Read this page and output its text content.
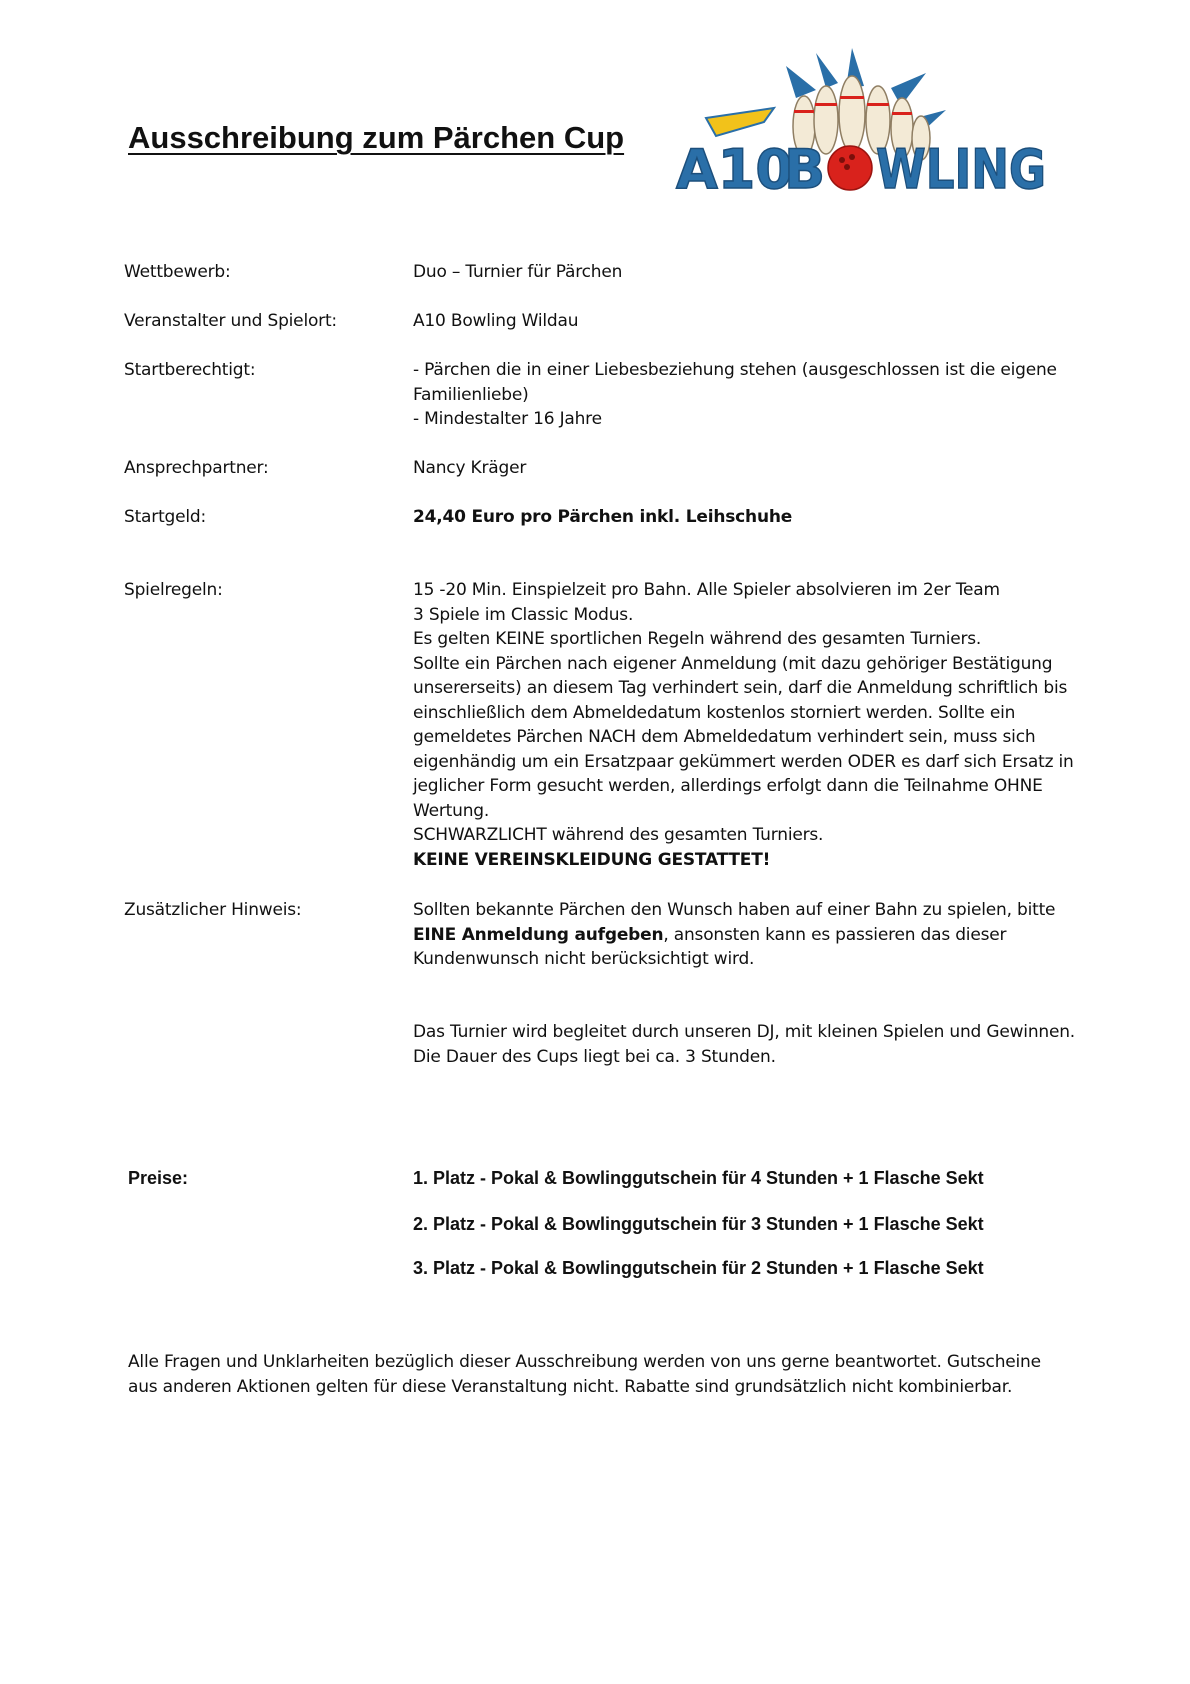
Ausschreibung zum Pärchen Cup
A10
B WLING
Wettbewerb:	Duo – Turnier für Pärchen
Veranstalter und Spielort:	A10 Bowling Wildau
Startberechtigt:	- Pärchen die in einer Liebesbeziehung stehen (ausgeschlossen ist die eigene
Familienliebe)
- Mindestalter 16 Jahre
Ansprechpartner:	Nancy Kräger
Startgeld:	24,40 Euro pro Pärchen inkl. Leihschuhe
Spielregeln:	15 -20 Min. Einspielzeit pro Bahn. Alle Spieler absolvieren im 2er Team
3 Spiele im Classic Modus.
Es gelten KEINE sportlichen Regeln während des gesamten Turniers.
Sollte ein Pärchen nach eigener Anmeldung (mit dazu gehöriger Bestätigung
unsererseits) an diesem Tag verhindert sein, darf die Anmeldung schriftlich bis
einschließlich dem Abmeldedatum kostenlos storniert werden. Sollte ein
gemeldetes Pärchen NACH dem Abmeldedatum verhindert sein, muss sich
eigenhändig um ein Ersatzpaar gekümmert werden ODER es darf sich Ersatz in
jeglicher Form gesucht werden, allerdings erfolgt dann die Teilnahme OHNE
Wertung.
SCHWARZLICHT während des gesamten Turniers.
KEINE VEREINSKLEIDUNG GESTATTET!
Zusätzlicher Hinweis:	Sollten bekannte Pärchen den Wunsch haben auf einer Bahn zu spielen, bitte
EINE Anmeldung aufgeben, ansonsten kann es passieren das dieser
Kundenwunsch nicht berücksichtigt wird.
Das Turnier wird begleitet durch unseren DJ, mit kleinen Spielen und Gewinnen.
Die Dauer des Cups liegt bei ca. 3 Stunden.
Preise:	1. Platz - Pokal & Bowlinggutschein für 4 Stunden + 1 Flasche Sekt
2. Platz - Pokal & Bowlinggutschein für 3 Stunden + 1 Flasche Sekt
3. Platz - Pokal & Bowlinggutschein für 2 Stunden + 1 Flasche Sekt
Alle Fragen und Unklarheiten bezüglich dieser Ausschreibung werden von uns gerne beantwortet. Gutscheine
aus anderen Aktionen gelten für diese Veranstaltung nicht. Rabatte sind grundsätzlich nicht kombinierbar.
